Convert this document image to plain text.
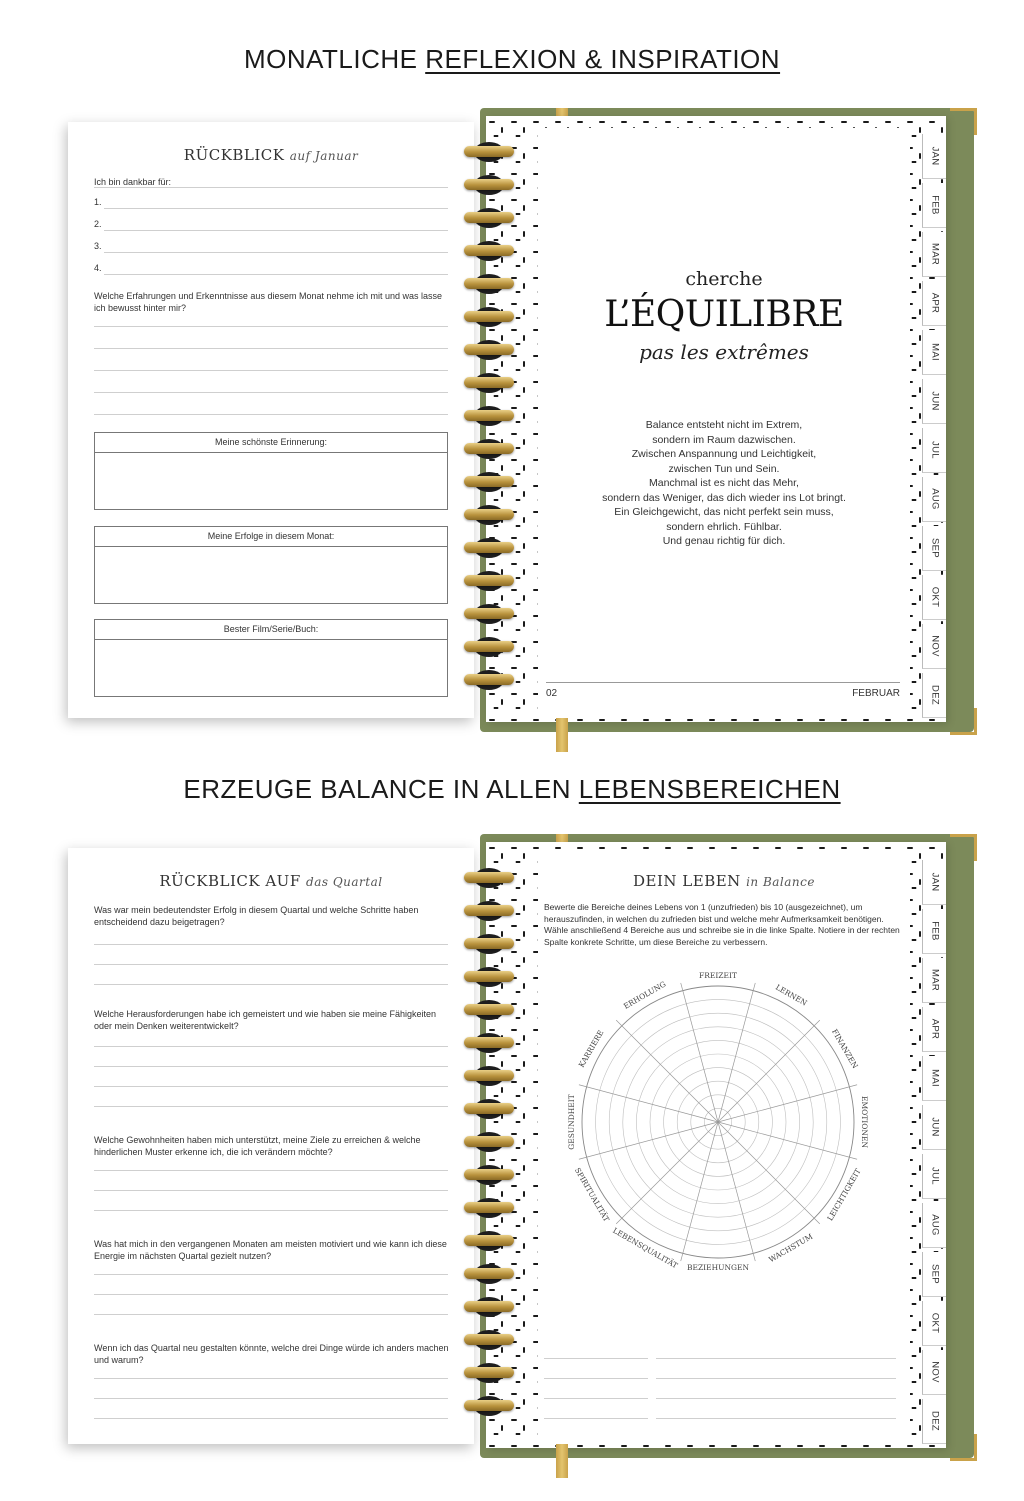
MONATLICHE REFLEXION & INSPIRATION
cherche
L’ÉQUILIBRE
pas les extrêmes
Balance entsteht nicht im Extrem,
sondern im Raum dazwischen.
Zwischen Anspannung und Leichtigkeit,
zwischen Tun und Sein.
Manchmal ist es nicht das Mehr,
sondern das Weniger, das dich wieder ins Lot bringt.
Ein Gleichgewicht, das nicht perfekt sein muss,
sondern ehrlich. Fühlbar.
Und genau richtig für dich.
02	FEBRUAR
JAN
FEB
MAR
APR
MAI
JUN
JUL
AUG
SEP
OKT
NOV
DEZ
RÜCKBLICK auf Januar
Ich bin dankbar für:
1.
2.
3.
4.
Welche Erfahrungen und Erkenntnisse aus diesem Monat nehme ich mit und was lasse ich bewusst hinter mir?
Meine schönste Erinnerung:
Meine Erfolge in diesem Monat:
Bester Film/Serie/Buch:
ERZEUGE BALANCE IN ALLEN LEBENSBEREICHEN
DEIN LEBEN in Balance
Bewerte die Bereiche deines Lebens von 1 (unzufrieden) bis 10 (ausgezeichnet), um herauszufinden, in welchen du zufrieden bist und welche mehr Aufmerksamkeit benötigen. Wähle anschließend 4 Bereiche aus und schreibe sie in die linke Spalte. Notiere in der rechten Spalte konkrete Schritte, um diese Bereiche zu verbessern.
FREIZEIT
LERNEN
FINANZEN
EMOTIONEN
LEICHTIGKEIT
WACHSTUM
BEZIEHUNGEN
LEBENSQUALITÄT
SPIRITUALITÄT
GESUNDHEIT
KARRIERE
ERHOLUNG
JAN
FEB
MAR
APR
MAI
JUN
JUL
AUG
SEP
OKT
NOV
DEZ
RÜCKBLICK AUF das Quartal
Was war mein bedeutendster Erfolg in diesem Quartal und welche Schritte haben entscheidend dazu beigetragen?
Welche Herausforderungen habe ich gemeistert und wie haben sie meine Fähigkeiten oder mein Denken weiterentwickelt?
Welche Gewohnheiten haben mich unterstützt, meine Ziele zu erreichen & welche hinderlichen Muster erkenne ich, die ich verändern möchte?
Was hat mich in den vergangenen Monaten am meisten motiviert und wie kann ich diese Energie im nächsten Quartal gezielt nutzen?
Wenn ich das Quartal neu gestalten könnte, welche drei Dinge würde ich anders machen und warum?
